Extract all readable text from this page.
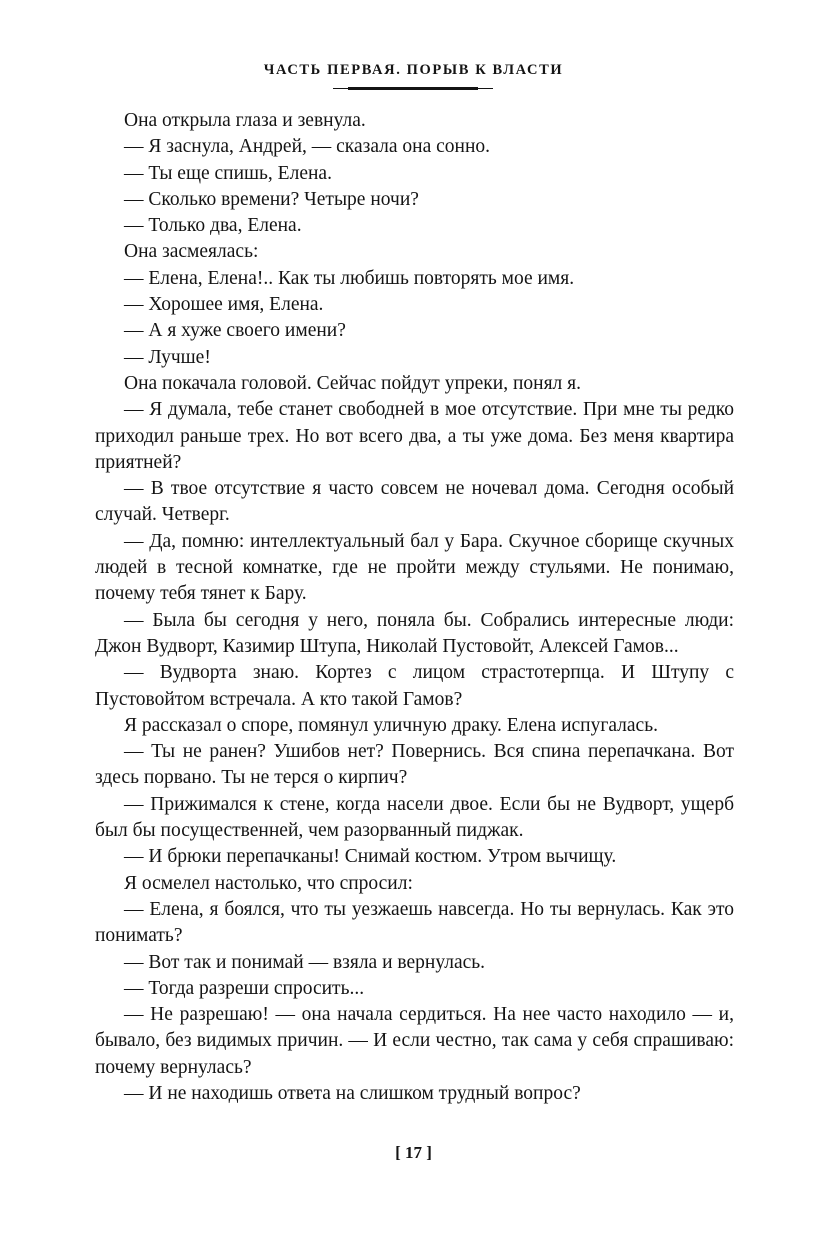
ЧАСТЬ ПЕРВАЯ. ПОРЫВ К ВЛАСТИ

Она открыла глаза и зевнула.

— Я заснула, Андрей, — сказала она сонно.

— Ты еще спишь, Елена.

— Сколько времени? Четыре ночи?

— Только два, Елена.

Она засмеялась:

— Елена, Елена!.. Как ты любишь повторять мое имя.

— Хорошее имя, Елена.

— А я хуже своего имени?

— Лучше!

Она покачала головой. Сейчас пойдут упреки, понял я.

— Я думала, тебе станет свободней в мое отсутствие. При мне ты редко приходил раньше трех. Но вот всего два, а ты уже дома. Без меня квартира приятней?

— В твое отсутствие я часто совсем не ночевал дома. Сегодня особый случай. Четверг.

— Да, помню: интеллектуальный бал у Бара. Скучное сборище скучных людей в тесной комнатке, где не пройти между стульями. Не понимаю, почему тебя тянет к Бару.

— Была бы сегодня у него, поняла бы. Собрались интересные люди: Джон Вудворт, Казимир Штупа, Николай Пустовойт, Алексей Гамов...

— Вудворта знаю. Кортез с лицом страстотерпца. И Штупу с Пустовойтом встречала. А кто такой Гамов?

Я рассказал о споре, помянул уличную драку. Елена испугалась.

— Ты не ранен? Ушибов нет? Повернись. Вся спина перепачкана. Вот здесь порвано. Ты не терся о кирпич?

— Прижимался к стене, когда насели двое. Если бы не Вудворт, ущерб был бы посущественней, чем разорванный пиджак.

— И брюки перепачканы! Снимай костюм. Утром вычищу.

Я осмелел настолько, что спросил:

— Елена, я боялся, что ты уезжаешь навсегда. Но ты вернулась. Как это понимать?

— Вот так и понимай — взяла и вернулась.

— Тогда разреши спросить...

— Не разрешаю! — она начала сердиться. На нее часто находило — и, бывало, без видимых причин. — И если честно, так сама у себя спрашиваю: почему вернулась?

— И не находишь ответа на слишком трудный вопрос?

[ 17 ]
